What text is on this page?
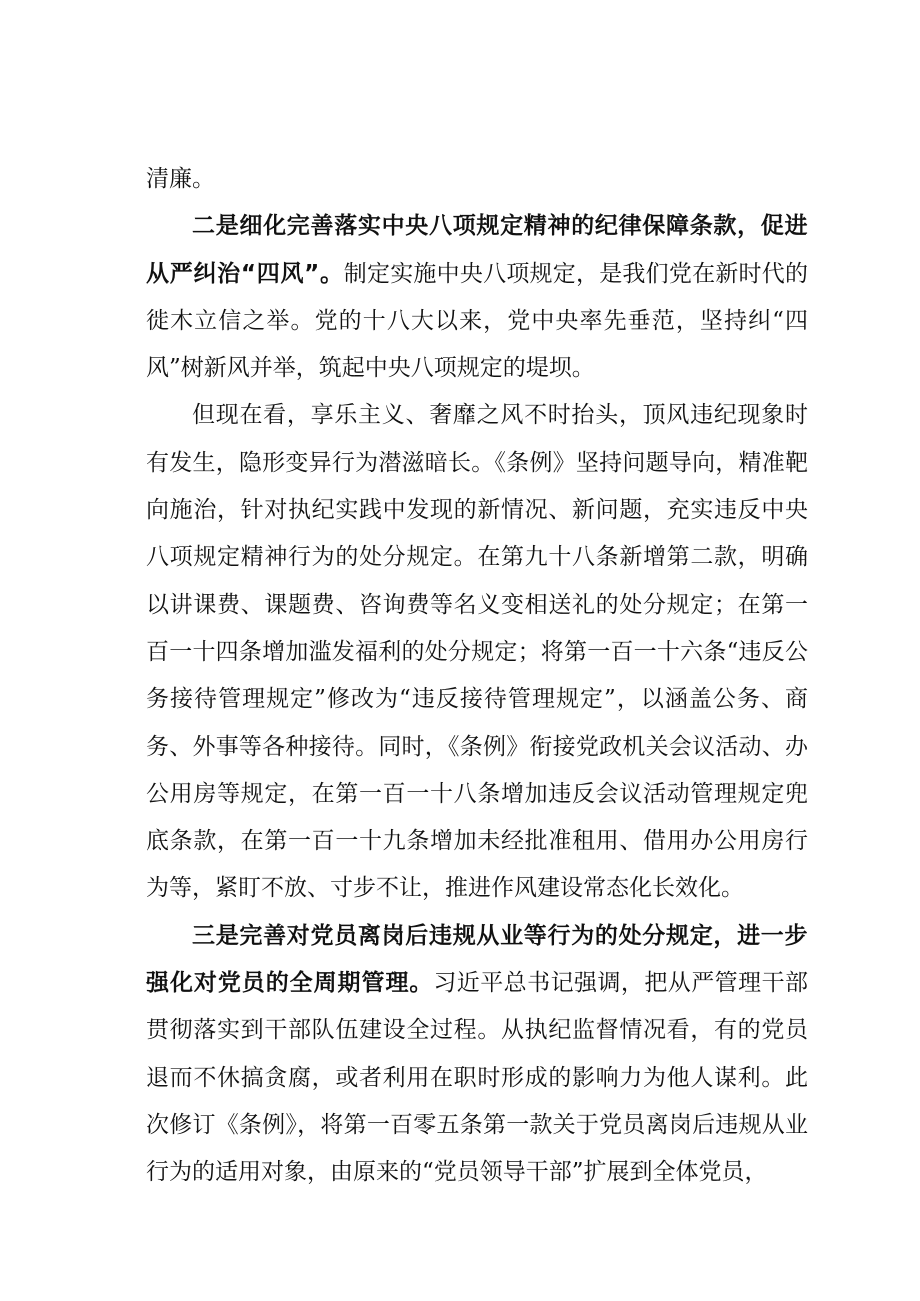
清廉。

二是细化完善落实中央八项规定精神的纪律保障条款，促进从严纠治“四风”。制定实施中央八项规定，是我们党在新时代的徙木立信之举。党的十八大以来，党中央率先垂范，坚持纠“四风”树新风并举，筑起中央八项规定的堤坝。

但现在看，享乐主义、奢靡之风不时抬头，顶风违纪现象时有发生，隐形变异行为潜滋暗长。《条例》坚持问题导向，精准靶向施治，针对执纪实践中发现的新情况、新问题，充实违反中央八项规定精神行为的处分规定。在第九十八条新增第二款，明确以讲课费、课题费、咨询费等名义变相送礼的处分规定；在第一百一十四条增加滥发福利的处分规定；将第一百一十六条“违反公务接待管理规定”修改为“违反接待管理规定”，以涵盖公务、商务、外事等各种接待。同时，《条例》衔接党政机关会议活动、办公用房等规定，在第一百一十八条增加违反会议活动管理规定兜底条款，在第一百一十九条增加未经批准租用、借用办公用房行为等，紧盯不放、寸步不让，推进作风建设常态化长效化。

三是完善对党员离岗后违规从业等行为的处分规定，进一步强化对党员的全周期管理。习近平总书记强调，把从严管理干部贯彻落实到干部队伍建设全过程。从执纪监督情况看，有的党员退而不休搞贪腐，或者利用在职时形成的影响力为他人谋利。此次修订《条例》，将第一百零五条第一款关于党员离岗后违规从业行为的适用对象，由原来的“党员领导干部”扩展到全体党员，
